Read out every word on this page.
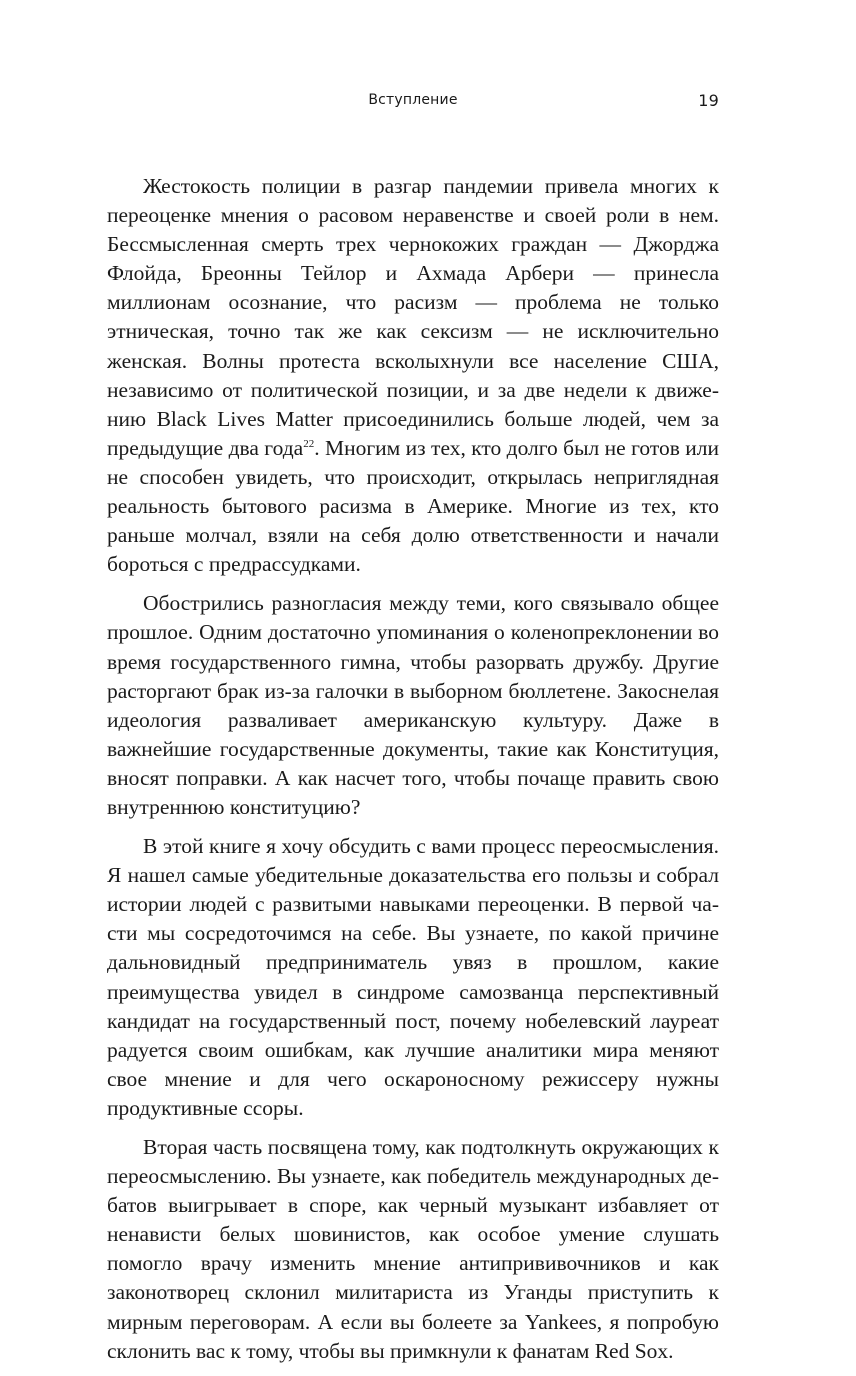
Вступление	19

Жестокость полиции в разгар пандемии привела многих к переоценке мнения о расовом неравенстве и своей роли в нем. Бессмысленная смерть трех чернокожих граждан — Джорджа Флойда, Бреонны Тейлор и Ахмада Арбери — принесла миллионам осознание, что расизм — проблема не только этническая, точно так же как сексизм — не исключительно женская. Волны протеста всколыхнули все население США, независимо от политической позиции, и за две недели к движению Black Lives Matter присоединились больше людей, чем за предыдущие два года$^{22}$. Многим из тех, кто долго был не готов или не способен увидеть, что происходит, открылась неприглядная реальность бытового расизма в Америке. Многие из тех, кто раньше молчал, взяли на себя долю ответственности и начали бороться с предрассудками.

Обострились разногласия между теми, кого связывало общее прошлое. Одним достаточно упоминания о коленопреклонении во время государственного гимна, чтобы разорвать дружбу. Другие расторгают брак из-за галочки в выборном бюллетене. Закоснелая идеология разваливает американскую культуру. Даже в важнейшие государственные документы, такие как Конституция, вносят поправки. А как насчет того, чтобы почаще править свою внутреннюю конституцию?

В этой книге я хочу обсудить с вами процесс переосмысления. Я нашел самые убедительные доказательства его пользы и собрал истории людей с развитыми навыками переоценки. В первой части мы сосредоточимся на себе. Вы узнаете, по какой причине дальновидный предприниматель увяз в прошлом, какие преимущества увидел в синдроме самозванца перспективный кандидат на государственный пост, почему нобелевский лауреат радуется своим ошибкам, как лучшие аналитики мира меняют свое мнение и для чего оскароносному режиссеру нужны продуктивные ссоры.

Вторая часть посвящена тому, как подтолкнуть окружающих к переосмыслению. Вы узнаете, как победитель международных дебатов выигрывает в споре, как черный музыкант избавляет от ненависти белых шовинистов, как особое умение слушать помогло врачу изменить мнение антипрививочников и как законотворец склонил милитариста из Уганды приступить к мирным переговорам. А если вы болеете за Yankees, я попробую склонить вас к тому, чтобы вы примкнули к фанатам Red Sox.
